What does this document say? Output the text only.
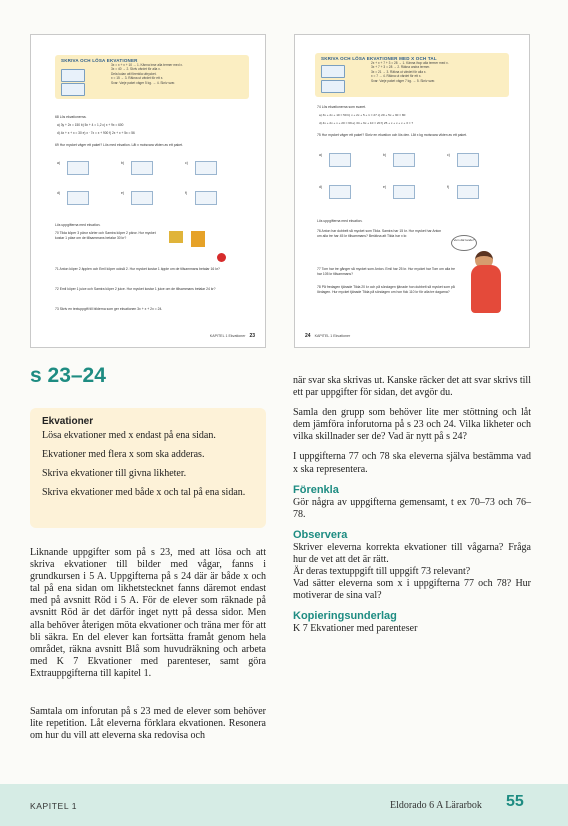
SKRIVA OCH LÖSA EKVATIONER
3x = x + x + 10 → 1. Känna inse alla termer med x.
3x = 40 → 2. Skriv värdet för alla x.
Dela kulan att förenkla uttrycket.
x = 15 → 3. Räkna ut värdet för ett x.
Svar: Varje paket väger 5 kg. → 4. Skriv svar.
68 Lös ekvationerna.
a) 3y + 2x = 150 b) 5x + 4 = 1,2 c) x + 9x = 600
d) 4x + x + x = 30 e) x · 7x = x + 900 f) 2x + x + 5x = 56
69 Hur mycket väger ett paket? Lös med ekvation. Låt x motsvara vikten av ett paket.
a)	b)	c)
d)	e)	f)
Lös uppgifterna med ekvation.
70 Tilda köper 3 päror sörter och Samira köper 2 päror. Hur mycket kostar 1 päse om de tillsammans betalar 30 kr?
71 Anton köper 2 äpplen och Emil köper också 2. Hur mycket kostar 1 äpple om de tillsammans betalar 16 kr?
72 Emil köper 1 juice och Samira köper 2 juice. Hur mycket kostar 1 juice om de tillsammans betalar 24 kr?
73 Skriv en textuppgift till bilderna som ger ekvationen 3x + x + 2x = 24.
KAPITEL 1 Ekvationer 23
SKRIVA OCH LÖSA EKVATIONER MED X OCH TAL
2x + x + 7 + 3 = 28 → 1. Känna ihop alla termer med x.
3x + 7 + 3 = 28 → 2. Räkna andra termer.
3x = 21 → 3. Räkna ut värdet för alla x.
x = 7 → 4. Räkna ut värdet för ett x.
Svar: Varje paket väger 7 kg. → 5. Skriv svar.
74 Lös ekvationerna som svaret.
a) 3x + 2x + 10 = 50 b) x + 2x + 5 + 1 = 27 c) 20 + 5x + 30 = 80
d) 4x + 2x + x + 20 = 69 e) 34 + 6x + 10 = 20 f) 25 + x + x + x + 3 = 7
75 Hur mycket väger ett paket? Skriv en ekvation och lös den. Låt x kg motsvara vikten av ett paket.
a)	b)	c)
d)	e)	f)
Lös uppgifterna med ekvation.
76 Anton har dubbelt så mycket som Tilda. Samira har 15 kr. Hur mycket har Anton om alla tre har 45 kr tillsammans? Beräkna att Tilda har x kr.
Vem där lande?
77 Tom har tre gånger så mycket som Anton. Emil har 25 kr. Hur mycket har Tom om alla tre har 105 kr tillsammans?
78 På fredagen tjänade Tilda 20 kr och på söndagen tjänade hon dubbelt så mycket som på lördagen. Hur mycket tjänade Tilda på söndagen om hon fick 110 kr för alla tre dagarna?
24 KAPITEL 1 Ekvationer
s 23–24
Ekvationer

Lösa ekvationer med x endast på ena sidan.

Ekvationer med flera x som ska adderas.

Skriva ekvationer till givna likheter.

Skriva ekvationer med både x och tal på ena sidan.

Liknande uppgifter som på s 23, med att lösa och att skriva ekvationer till bilder med vågar, fanns i grundkursen i 5 A. Uppgifterna på s 24 där är både x och tal på ena sidan om likhetstecknet fanns däremot endast med på avsnitt Röd i 5 A. För de elever som räknade på avsnitt Röd är det därför inget nytt på dessa sidor. Men alla behöver återigen möta ekvationer och träna mer för att bli säkra. En del elever kan fortsätta framåt genom hela området, räkna avsnitt Blå som huvudräkning och arbeta med K 7 Ekvationer med parenteser, samt göra Extrauppgifterna till kapitel 1.

Samtala om inforutan på s 23 med de elever som behöver lite repetition. Låt eleverna förklara ekvationen. Resonera om hur du vill att eleverna ska redovisa och

när svar ska skrivas ut. Kanske räcker det att svar skrivs till ett par uppgifter för sidan, det avgör du.

Samla den grupp som behöver lite mer stöttning och låt dem jämföra inforutorna på s 23 och 24. Vilka likheter och vilka skillnader ser de? Vad är nytt på s 24?

I uppgifterna 77 och 78 ska eleverna själva bestämma vad x ska representera.

Förenkla

Gör några av uppgifterna gemensamt, t ex 70–73 och 76–78.

Observera

Skriver eleverna korrekta ekvationer till vågarna? Fråga hur de vet att det är rätt.

Är deras textuppgift till uppgift 73 relevant?

Vad sätter eleverna som x i uppgifterna 77 och 78? Hur motiverar de sina val?

Kopieringsunderlag

K 7 Ekvationer med parenteser

KAPITEL 1	Eldorado 6 A Lärarbok 55
